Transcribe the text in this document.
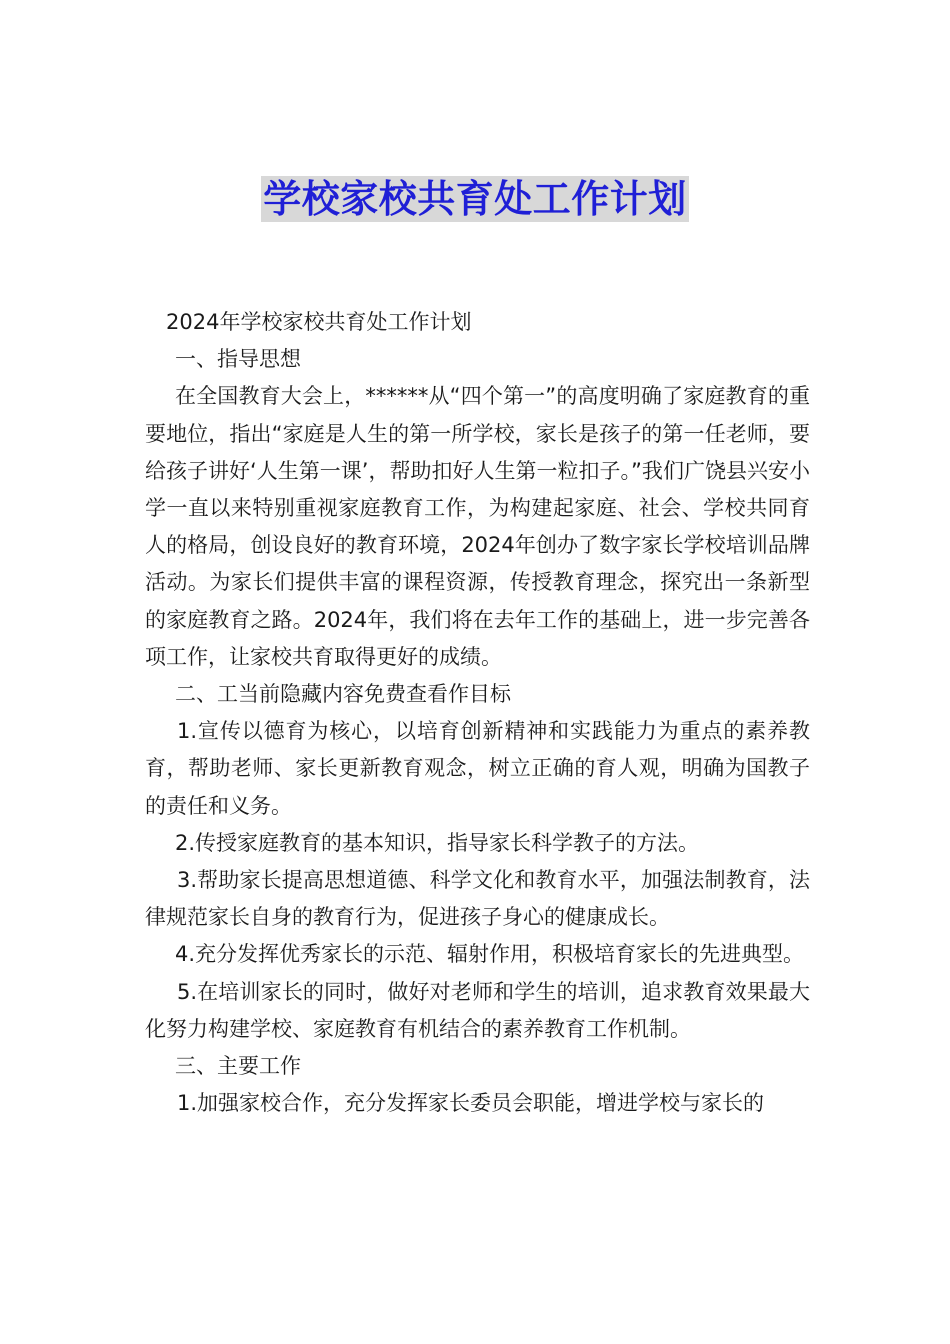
学校家校共育处工作计划

2024年学校家校共育处工作计划

一、指导思想

在全国教育大会上，******从“四个第一”的高度明确了家庭教育的重要地位，指出“家庭是人生的第一所学校，家长是孩子的第一任老师，要给孩子讲好‘人生第一课’，帮助扣好人生第一粒扣子。”我们广饶县兴安小学一直以来特别重视家庭教育工作，为构建起家庭、社会、学校共同育人的格局，创设良好的教育环境，2024年创办了数字家长学校培训品牌活动。为家长们提供丰富的课程资源，传授教育理念，探究出一条新型的家庭教育之路。2024年，我们将在去年工作的基础上，进一步完善各项工作，让家校共育取得更好的成绩。

二、工当前隐藏内容免费查看作目标

1.宣传以德育为核心，以培育创新精神和实践能力为重点的素养教育，帮助老师、家长更新教育观念，树立正确的育人观，明确为国教子的责任和义务。

2.传授家庭教育的基本知识，指导家长科学教子的方法。

3.帮助家长提高思想道德、科学文化和教育水平，加强法制教育，法律规范家长自身的教育行为，促进孩子身心的健康成长。

4.充分发挥优秀家长的示范、辐射作用，积极培育家长的先进典型。

5.在培训家长的同时，做好对老师和学生的培训，追求教育效果最大化努力构建学校、家庭教育有机结合的素养教育工作机制。

三、主要工作

1.加强家校合作，充分发挥家长委员会职能，增进学校与家长的
